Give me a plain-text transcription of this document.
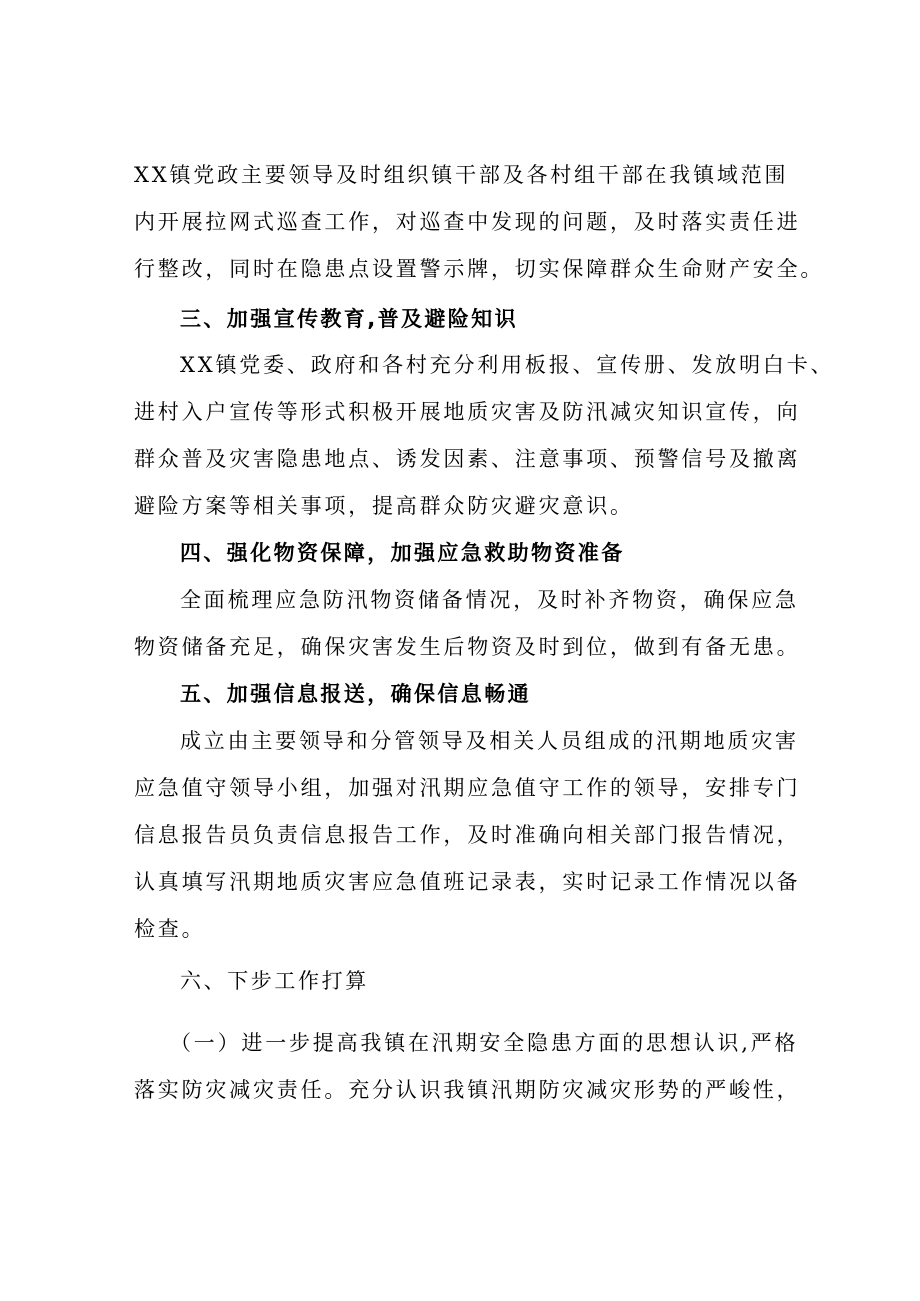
XX镇党政主要领导及时组织镇干部及各村组干部在我镇域范围
内开展拉网式巡查工作，对巡查中发现的问题，及时落实责任进
行整改，同时在隐患点设置警示牌，切实保障群众生命财产安全。
三、加强宣传教育,普及避险知识
XX镇党委、政府和各村充分利用板报、宣传册、发放明白卡、
进村入户宣传等形式积极开展地质灾害及防汛减灾知识宣传，向
群众普及灾害隐患地点、诱发因素、注意事项、预警信号及撤离
避险方案等相关事项，提高群众防灾避灾意识。
四、强化物资保障，加强应急救助物资准备
全面梳理应急防汛物资储备情况，及时补齐物资，确保应急
物资储备充足，确保灾害发生后物资及时到位，做到有备无患。
五、加强信息报送，确保信息畅通
成立由主要领导和分管领导及相关人员组成的汛期地质灾害
应急值守领导小组，加强对汛期应急值守工作的领导，安排专门
信息报告员负责信息报告工作，及时准确向相关部门报告情况，
认真填写汛期地质灾害应急值班记录表，实时记录工作情况以备
检查。
六、下步工作打算
（一）进一步提高我镇在汛期安全隐患方面的思想认识,严格
落实防灾减灾责任。充分认识我镇汛期防灾减灾形势的严峻性，
